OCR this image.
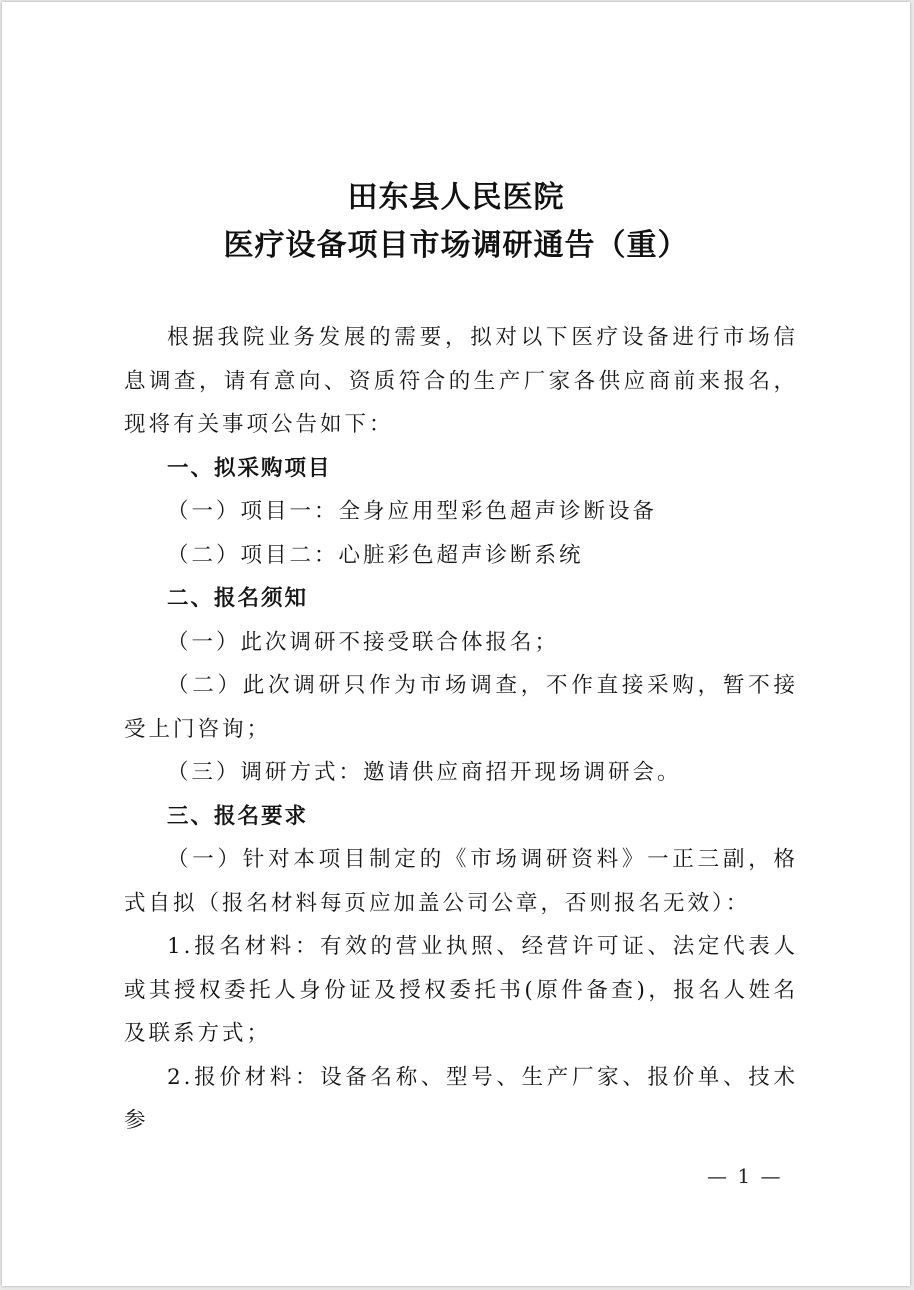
田东县人民医院
医疗设备项目市场调研通告（重）

根据我院业务发展的需要，拟对以下医疗设备进行市场信息调查，请有意向、资质符合的生产厂家各供应商前来报名，现将有关事项公告如下：

一、拟采购项目

（一）项目一：全身应用型彩色超声诊断设备

（二）项目二：心脏彩色超声诊断系统

二、报名须知

（一）此次调研不接受联合体报名；

（二）此次调研只作为市场调查，不作直接采购，暂不接受上门咨询；

（三）调研方式：邀请供应商招开现场调研会。

三、报名要求

（一）针对本项目制定的《市场调研资料》一正三副，格式自拟（报名材料每页应加盖公司公章，否则报名无效）：

1.报名材料：有效的营业执照、经营许可证、法定代表人或其授权委托人身份证及授权委托书(原件备查)，报名人姓名及联系方式；

2.报价材料：设备名称、型号、生产厂家、报价单、技术参

— 1 —
